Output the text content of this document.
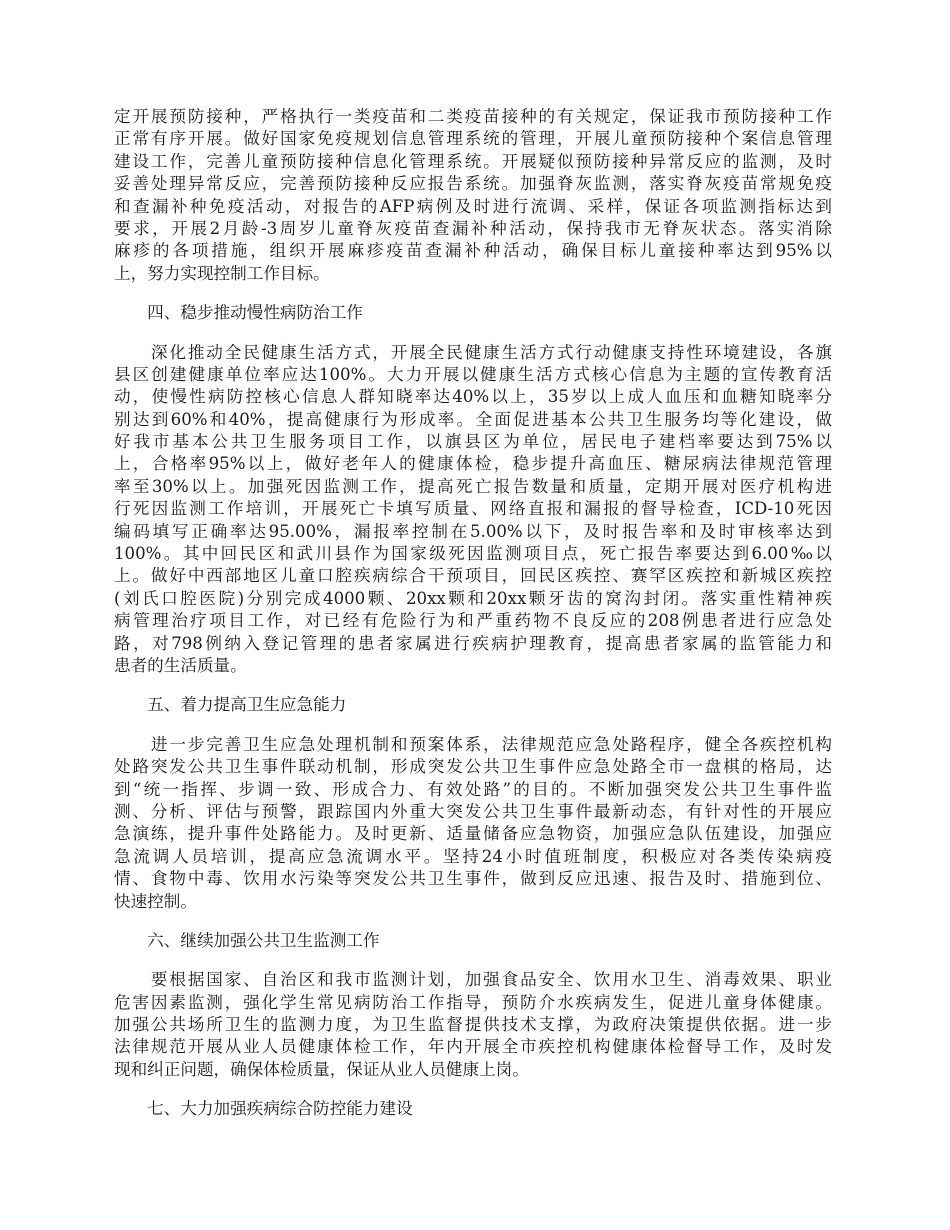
定开展预防接种，严格执行一类疫苗和二类疫苗接种的有关规定，保证我市预防接种工作
正常有序开展。做好国家免疫规划信息管理系统的管理，开展儿童预防接种个案信息管理
建设工作，完善儿童预防接种信息化管理系统。开展疑似预防接种异常反应的监测，及时
妥善处理异常反应，完善预防接种反应报告系统。加强脊灰监测，落实脊灰疫苗常规免疫
和查漏补种免疫活动，对报告的AFP病例及时进行流调、采样，保证各项监测指标达到
要求，开展2月龄-3周岁儿童脊灰疫苗查漏补种活动，保持我市无脊灰状态。落实消除
麻疹的各项措施，组织开展麻疹疫苗查漏补种活动，确保目标儿童接种率达到95%以
上，努力实现控制工作目标。
　　四、稳步推动慢性病防治工作
　　深化推动全民健康生活方式，开展全民健康生活方式行动健康支持性环境建设，各旗
县区创建健康单位率应达100%。大力开展以健康生活方式核心信息为主题的宣传教育活
动，使慢性病防控核心信息人群知晓率达40%以上，35岁以上成人血压和血糖知晓率分
别达到60%和40%，提高健康行为形成率。全面促进基本公共卫生服务均等化建设，做
好我市基本公共卫生服务项目工作，以旗县区为单位，居民电子建档率要达到75%以
上，合格率95%以上，做好老年人的健康体检，稳步提升高血压、糖尿病法律规范管理
率至30%以上。加强死因监测工作，提高死亡报告数量和质量，定期开展对医疗机构进
行死因监测工作培训，开展死亡卡填写质量、网络直报和漏报的督导检查，ICD-10死因
编码填写正确率达95.00%，漏报率控制在5.00%以下，及时报告率和及时审核率达到
100%。其中回民区和武川县作为国家级死因监测项目点，死亡报告率要达到6.00‰以
上。做好中西部地区儿童口腔疾病综合干预项目，回民区疾控、赛罕区疾控和新城区疾控
(刘氏口腔医院)分别完成4000颗、20xx颗和20xx颗牙齿的窝沟封闭。落实重性精神疾
病管理治疗项目工作，对已经有危险行为和严重药物不良反应的208例患者进行应急处
路，对798例纳入登记管理的患者家属进行疾病护理教育，提高患者家属的监管能力和
患者的生活质量。
　　五、着力提高卫生应急能力
　　进一步完善卫生应急处理机制和预案体系，法律规范应急处路程序，健全各疾控机构
处路突发公共卫生事件联动机制，形成突发公共卫生事件应急处路全市一盘棋的格局，达
到“统一指挥、步调一致、形成合力、有效处路”的目的。不断加强突发公共卫生事件监
测、分析、评估与预警，跟踪国内外重大突发公共卫生事件最新动态，有针对性的开展应
急演练，提升事件处路能力。及时更新、适量储备应急物资，加强应急队伍建设，加强应
急流调人员培训，提高应急流调水平。坚持24小时值班制度，积极应对各类传染病疫
情、食物中毒、饮用水污染等突发公共卫生事件，做到反应迅速、报告及时、措施到位、
快速控制。
　　六、继续加强公共卫生监测工作
　　要根据国家、自治区和我市监测计划，加强食品安全、饮用水卫生、消毒效果、职业
危害因素监测，强化学生常见病防治工作指导，预防介水疾病发生，促进儿童身体健康。
加强公共场所卫生的监测力度，为卫生监督提供技术支撑，为政府决策提供依据。进一步
法律规范开展从业人员健康体检工作，年内开展全市疾控机构健康体检督导工作，及时发
现和纠正问题，确保体检质量，保证从业人员健康上岗。
　　七、大力加强疾病综合防控能力建设
